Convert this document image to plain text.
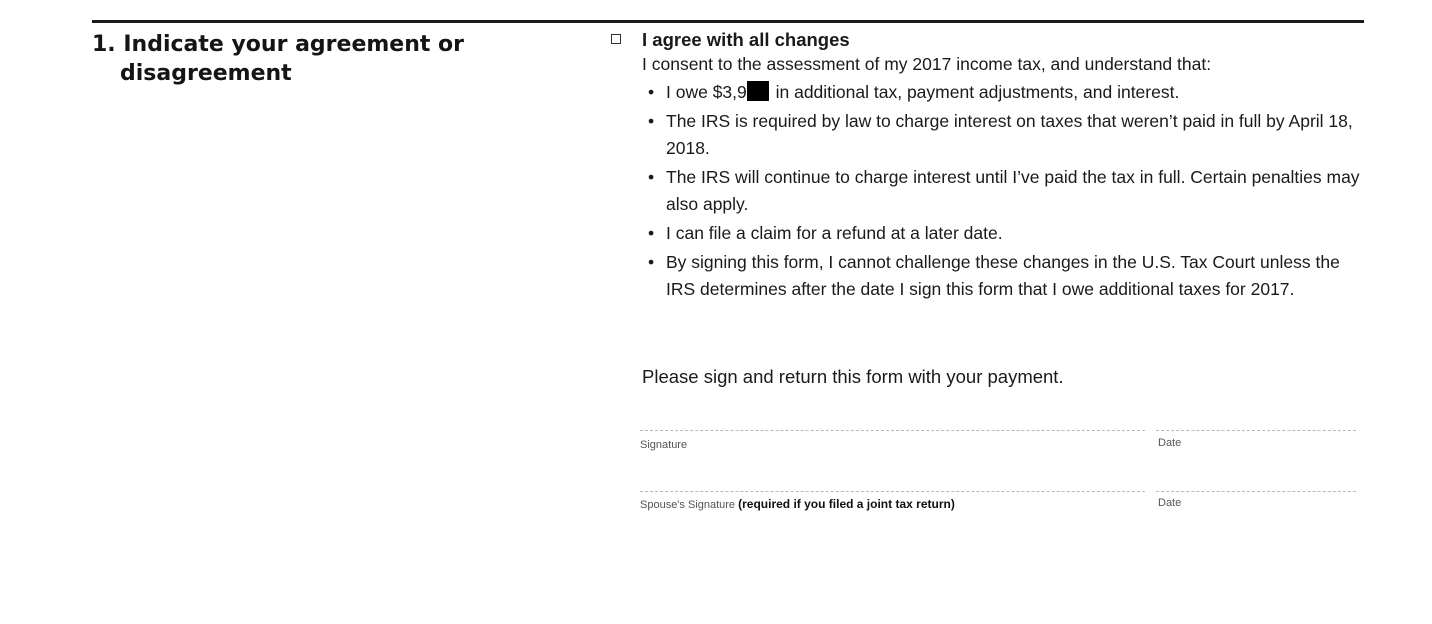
1. Indicate your agreement or
disagreement
I agree with all changes
I consent to the assessment of my 2017 income tax, and understand that:
• I owe $3,9 in additional tax, payment adjustments, and interest.
• The IRS is required by law to charge interest on taxes that weren’t paid in full by April 18, 2018.
• The IRS will continue to charge interest until I’ve paid the tax in full. Certain penalties may also apply.
• I can file a claim for a refund at a later date.
• By signing this form, I cannot challenge these changes in the U.S. Tax Court unless the IRS determines after the date I sign this form that I owe additional taxes for 2017.
Please sign and return this form with your payment.
Signature	Date
Spouse's Signature (required if you filed a joint tax return)	Date
